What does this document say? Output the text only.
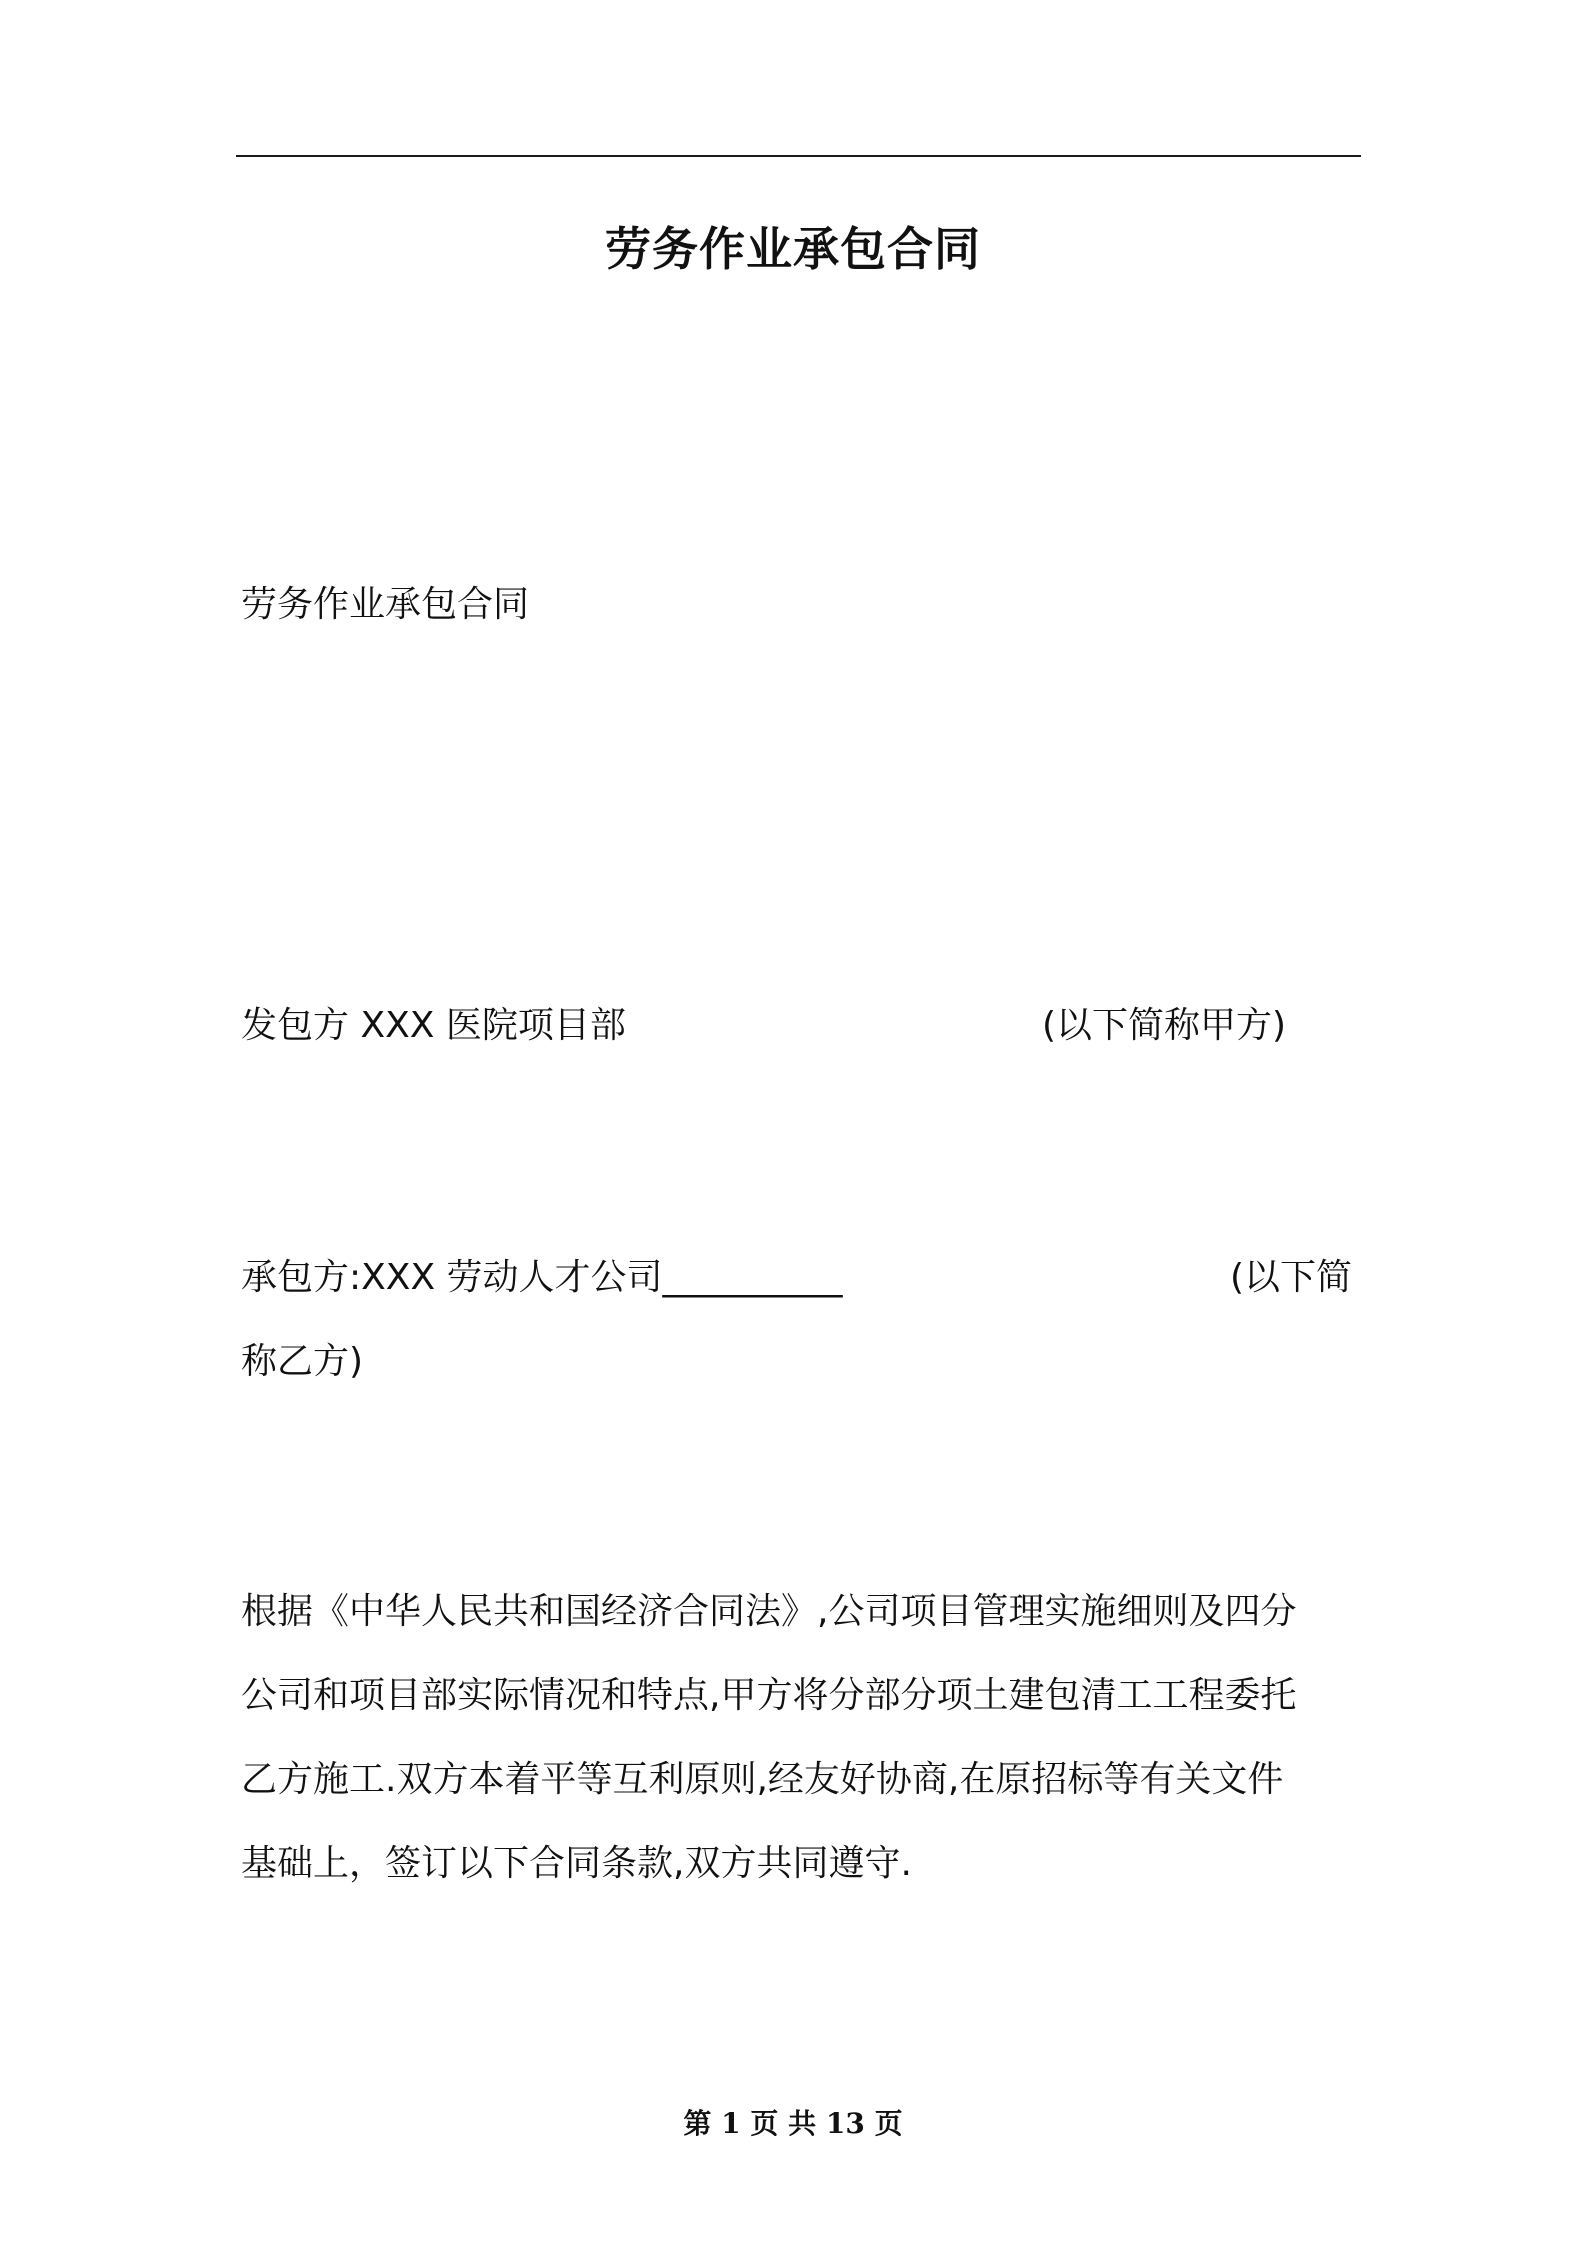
劳务作业承包合同

劳务作业承包合同

发包方 XXX 医院项目部	(以下简称甲方)

承包方:XXX 劳动人才公司__________	(以下简

称乙方)

根据《中华人民共和国经济合同法》,公司项目管理实施细则及四分

公司和项目部实际情况和特点,甲方将分部分项土建包清工工程委托

乙方施工.双方本着平等互利原则,经友好协商,在原招标等有关文件

基础上，签订以下合同条款,双方共同遵守.

第 1 页 共 13 页
